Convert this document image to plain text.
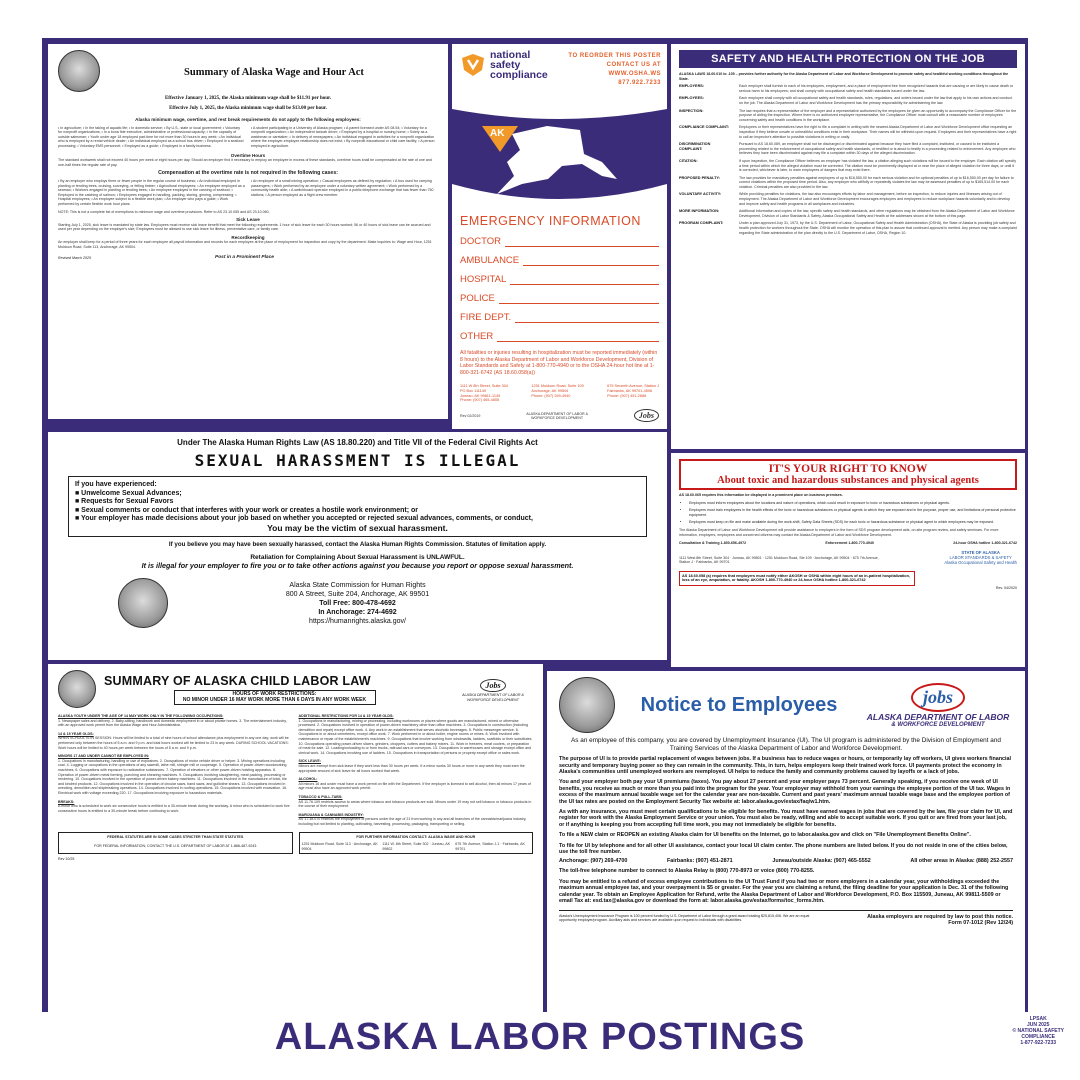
Summary of Alaska Wage and Hour Act
Effective January 1, 2025, the Alaska minimum wage shall be $11.91 per hour.
Effective July 1, 2025, the Alaska minimum wage shall be $13.00 per hour.
Alaska minimum wage, overtime, and rest break requirements do not apply to the following employees:
• In agriculture; • In the taking of aquatic life; • In domestic service; • By U.S., state or local government; • Voluntary for nonprofit organizations; • In a bona fide executive, administrative or professional capacity; • In the capacity of outside salesman; • Youth under age 18 employed part-time for not more than 30 hours in any week; • An individual who is employed by a rental vehicle dealer; • An individual employed as a school bus driver; • Employed in a seafood processing; • Voluntary EMS personnel; • Employed as a guide; • Employed in a family business.
• A student participating in a University of Alaska program; • A parent licensed under AS 08.54; • Voluntary for a nonprofit organization; • An independent taxicab driver; • Employed by a hospital or nursing home; • Solely as a watchman or caretaker; • In delivery of newspapers; • An individual engaged in activities for a nonprofit organization where the employer-employee relationship does not exist; • By nonprofit educational or child care facility; • A person employed in agriculture.
Overtime Hours
The standard workweek shall not exceed 40 hours per week or eight hours per day. Should an employer find it necessary to employ an employee in excess of these standards, overtime hours shall be compensated at the rate of one and one-half times the regular rate of pay.
Compensation at the overtime rate is not required in the following cases:
• By an employer who employs three or fewer people in the regular course of business; • An individual employed in planting or tending trees, cruising, surveying, or felling timber; • Agricultural employees; • An employee employed as a seaman; • Workers engaged in planting or tending trees; • An employee employed in the canning of seafood; • Employed in the catching of salmon; • Employees engaged in handling, packing, storing, ginning, compressing; • Hospital employees; • An employee subject to a flexible work plan; • An employer who pays a guide; • Work performed by certain flexible work hour plans.
• An employee of a small mining operation; • Casual employees as defined by regulation; • A bus used for carrying passengers; • Work performed by an employee under a voluntary written agreement; • Work performed by a community health aide; • A switchboard operator employed in a public telephone exchange that has fewer than 750 stations; • A person employed as a flight crew member.
NOTE: This is not a complete list of exemptions to minimum wage and overtime provisions. Refer to AS 23.10.055 and AS 23.10.060.
Sick Leave
Starting July 1, 2025, sick leave is mandated by state law. Employees must receive sick leave benefit that meet the following requirements: 1 hour of sick leave for each 30 hours worked; 56 or 40 hours of sick leave can be accrued and used per year depending on the employer's size; Employees must be allowed to use sick leave for illness, preventative care, or family care.
Recordkeeping
An employer shall keep for a period of three years for each employee all payroll information and records for each employee at the place of employment for inspection and copy by the department. Make inquiries to: Wage and Hour, 1251 Muldoon Road, Suite 113, Anchorage, AK 99504.
Revised March 2025	Post in a Prominent Place
national
safety
compliance
TO REORDER THIS POSTER
CONTACT US AT
WWW.OSHA.WS
877.922.7233
OSHA SAFETY TRAINING
AK
EMERGENCY INFORMATION
DOCTOR
AMBULANCE
HOSPITAL
POLICE
FIRE DEPT.
OTHER
All fatalities or injuries resulting in hospitalization must be reported immediately (within 8 hours) to the Alaska Department of Labor and Workforce Development, Division of Labor Standards and Safety at 1-800-770-4940 or to the OSHA 24-hour hot line at 1-800-321-6742 (AS 18.60.058(a))
1111 W 8th Street, Suite 304
PO Box 111149
Juneau, AK 99811-1149
Phone: (907) 465-4855
1251 Muldoon Road, Suite 109
Anchorage, AK 99504
Phone: (907) 269-4940
675 Seventh Avenue, Station J
Fairbanks, AK 99701-4596
Phone: (907) 451-2888
Rev 02/2019	ALASKA DEPARTMENT OF LABOR & WORKFORCE DEVELOPMENT	Jobs
SAFETY AND HEALTH PROTECTION ON THE JOB
ALASKA LAWS 18.60.010 to .105 – provides further authority for the Alaska Department of Labor and Workforce Development to promote safety and healthful working conditions throughout the State.
EMPLOYERS:	Each employer shall furnish to each of his employees, employment, and a place of employment free from recognized hazards that are causing or are likely to cause death or serious harm to his employees; and shall comply with occupational safety and health standards issued under the law.
EMPLOYEES:	Each employee shall comply with all occupational safety and health standards, rules, regulations, and orders issued under the law that apply to his own actions and conduct on the job. The Alaska Department of Labor and Workforce Development has the primary responsibility for administering the law.
INSPECTION:	The law requires that a representative of the employer and a representative authorized by the employees be given an opportunity to accompany the Compliance Officer for the purpose of aiding the inspection. Where there is no authorized employee representative, the Compliance Officer must consult with a reasonable number of employees concerning safety and health conditions in the workplace.
COMPLIANCE COMPLAINT:	Employees or their representatives have the right to file a complaint in writing with the nearest Alaska Department of Labor and Workforce Development office requesting an inspection if they believe unsafe or unhealthful conditions exist in their workplace. Their names will be withheld upon request. Employees and their representatives have a right to call an inspector's attention to possible violations in writing or orally.
DISCRIMINATION COMPLAINT:
Pursuant to AS 18.60.089, an employee shall not be discharged or discriminated against because they have filed a complaint, instituted, or caused to be instituted a proceeding related to the enforcement of occupational safety and health standards, or testified or is about to testify in a proceeding related to enforcement. Any employee who believes they have been discriminated against may file a complaint within 30 days of the alleged discrimination.
CITATION:	If upon inspection, the Compliance Officer believes an employer has violated the law, a citation alleging such violations will be issued to the employer. Each citation will specify a time period within which the alleged violation must be corrected. The citation must be prominently displayed at or near the place of alleged violation for three days, or until it is corrected, whichever is later, to warn employees of dangers that may exist there.
PROPOSED PENALTY:	The law provides for mandatory penalties against employers of up to $16,550.00 for each serious violation and for optional penalties of up to $16,550.00 per day for failure to correct violations within the proposed time period. Also, any employer who willfully or repeatedly violates the law may be assessed penalties of up to $165,514.00 for each violation. Criminal penalties are also provided in the law.
VOLUNTARY ACTIVITY:	While providing penalties for violations, the law also encourages efforts by labor and management, before an inspection, to reduce injuries and illnesses arising out of employment. The Alaska Department of Labor and Workforce Development encourages employers and employees to reduce workplace hazards voluntarily and to develop and improve safety and health programs in all workplaces and industries.
MORE INFORMATION:	Additional information and copies of the law, specific safety and health standards, and other regulations may be obtained from the Alaska Department of Labor and Workforce Development, Division of Labor Standards & Safety, Alaska Occupational Safety and Health at the addresses shown at the bottom of this page.
PROGRAM COMPLAINT:	Under a plan approved July 31, 1973, by the U.S. Department of Labor, Occupational Safety and Health Administration (OSHA), the State of Alaska is providing job safety and health protection for workers throughout the State. OSHA will monitor the operation of this plan to assure that continued approval is merited. Any person may make a complaint regarding the State administration of the plan directly to the U.S. Department of Labor, OSHA, Region 10.
Under The Alaska Human Rights Law (AS 18.80.220) and Title VII of the Federal Civil Rights Act
SEXUAL HARASSMENT IS ILLEGAL
If you have experienced:
■ Unwelcome Sexual Advances;
■ Requests for Sexual Favors
■ Sexual comments or conduct that interferes with your work or creates a hostile work environment; or
■ Your employer has made decisions about your job based on whether you accepted or rejected sexual advances, comments, or conduct,
You may be the victim of sexual harassment.
If you believe you may have been sexually harassed, contact the Alaska Human Rights Commission. Statutes of limitation apply.
Retaliation for Complaining About Sexual Harassment is UNLAWFUL.
It is illegal for your employer to fire you or to take other actions against you because you report or oppose sexual harassment.
Alaska State Commission for Human Rights
800 A Street, Suite 204, Anchorage, AK 99501
Toll Free: 800-478-4692
In Anchorage: 274-4692
https://humanrights.alaska.gov/
IT'S YOUR RIGHT TO KNOW
About toxic and hazardous substances and physical agents
AS 18.60.065 requires this information be displayed in a prominent place on business premises.
• Employers must inform employees about the locations and nature of operations, which could result in exposure to toxic or hazardous substances or physical agents.
• Employers must train employees in the health effects of the toxic or hazardous substances or physical agents to which they are exposed and in the purpose, proper use, and limitations of personal protective equipment.
• Employers must keep on file and make available during the work-shift, Safety Data Sheets (SDS) for each toxic or hazardous substance or physical agent to which employees may be exposed.
The Alaska Department of Labor and Workforce Development will provide assistance to employers in the form of SDS program development aids, on-site program review, and safety seminars. For more information, employers, employees and concerned citizens may contact the Alaska Department of Labor and Workforce Development.
Consultation & Training 1-800-656-4972	Enforcement 1-800-770-4940	24-hour OSHA hotline 1-800-321-6742
1111 West 8th Street, Suite 304 · Juneau, AK 99801 · 1251 Muldoon Road, Ste 109 · Anchorage, AK 99504 · 675 7th Avenue, Station J · Fairbanks, AK 99701
STATE OF ALASKA
LABOR STANDARDS & SAFETY
Alaska Occupational Safety and Health
AS 18.60.058 (a) requires that employers must notify either AKOSH or OSHA within eight hours of an in-patient hospitalization, loss of an eye, amputation, or fatality. AKOSH 1-800-770-4940 or 24-hour OSHA hotline 1-800-321-6742
Rev. 04/2020
SUMMARY OF ALASKA CHILD LABOR LAW
HOURS OF WORK RESTRICTIONS:
NO MINOR UNDER 16 MAY WORK MORE THAN 6 DAYS IN ANY WORK WEEK
Jobs
ALASKA DEPARTMENT OF LABOR & WORKFORCE DEVELOPMENT
ALASKA YOUTH UNDER THE AGE OF 14 MAY WORK ONLY IN THE FOLLOWING OCCUPATIONS:
1. Newspaper sales and delivery. 2. Baby-sitting, handiwork and domestic employment in or about private homes. 3. The entertainment industry, with an approved work permit from the Alaska Wage and Hour Administration.
14 & 15 YEAR OLDS:
WHEN SCHOOL IS IN SESSION: Hours will be limited to a total of nine hours of school attendance plus employment in any one day; work will be performed only between the hours of 5 a.m. and 9 p.m. and total hours worked will be limited to 23 in any week. DURING SCHOOL VACATIONS: Work hours will be limited to 40 hours per week between the hours of 5 a.m. and 9 p.m.
MINORS 17 AND UNDER CANNOT BE EMPLOYED IN:
1. Occupations in manufacturing, handling or use of explosives. 2. Occupations of motor vehicle driver or helper. 3. Mining operations including coal. 4. Logging or occupations in the operations of any sawmill, lathe mill, shingle mill or cooperage. 5. Operation of power-driven woodworking machines. 6. Occupations with exposure to radioactive substances. 7. Operation of elevators or other power-driven hoisting apparatus. 8. Operation of power-driven metal forming, punching and shearing machines. 9. Occupations involving slaughtering, meat packing, processing or rendering. 10. Occupations involved in the operation of power-driven bakery machines. 11. Occupations involved in the manufacture of brick, tile and kindred products. 12. Occupations involved in the operation of circular saws, band saws, and guillotine shears. 13. Occupations involved in wrecking, demolition and shipbreaking operations. 14. Occupations involved in roofing operations. 15. Occupations involved with excavation. 16. Electrical work with voltage exceeding 220. 17. Occupations involving exposure to hazardous materials.
BREAKS:
A minor who is scheduled to work six consecutive hours is entitled to a 30-minute break during the workday. A minor who is scheduled to work five consecutive hours is entitled to a 30-minute break before continuing to work.
ADDITIONAL RESTRICTIONS FOR 14 & 15 YEAR OLDS:
1. Occupations in manufacturing, mining or processing, including workrooms or places where goods are manufactured, mined or otherwise processed. 2. Occupations involved in operation of power-driven machinery other than office machines. 3. Occupations in construction (including demolition and repair) except office work. 4. Any work in an establishment that serves alcoholic beverages. 5. Public messenger service. 6. Occupations in or about cemeteries, except office work. 7. Work performed in or about boiler, engine rooms or mines. 8. Work involved with maintenance or repair of the establishment's machines. 9. Occupations that involve working from windowsills, ladders, scaffolds or their substitutes. 10. Occupations operating power-driven slicers, grinders, choppers, cutters and bakery mixers. 11. Work in freezers, meat coolers, or preparation of meat for sale. 12. Loading/unloading to or from trucks, railroad cars or conveyors. 13. Occupations in warehouses and storage except office and clerical work. 14. Occupations involving use of ladders. 15. Occupations in transportation of persons or property except office or sales work.
SICK LEAVE:
Minors are exempt from sick leave if they work less than 30 hours per week. If a minor works 30 hours or more in any week they must earn the appropriate amount of sick leave for all hours worked that week.
ALCOHOL:
All minors 16 and under must have a work permit on file with the Department. If the employer is licensed to sell alcohol, then all minors 17 years of age must also have an approved work permit.
TOBACCO & PULL-TABS:
AS 11.76.109 restricts access to areas where tobacco and tobacco products are sold. Minors under 19 may not sell tobacco or tobacco products in the course of their employment.
MARIJUANA & CANNABIS INDUSTRY:
AS 17.38.070 restricts the employment of persons under the age of 21 from working in any and all branches of the cannabis/marijuana industry, including but not limited to planting, cultivating, harvesting, processing, packaging, transporting or selling.
FEDERAL STATUTES ARE IN SOME CASES STRICTER THAN STATE STATUTES
FOR FEDERAL INFORMATION, CONTACT THE U.S. DEPARTMENT OF LABOR AT 1-866-487-9243
FOR FURTHER INFORMATION CONTACT: ALASKA WAGE AND HOUR
1251 Muldoon Road, Suite 113 · Anchorage, AK 99504
1111 W. 8th Street, Suite 302 · Juneau, AK 99802
675 7th Avenue, Station J-1 · Fairbanks, AK 99701
Rev 10/25
Notice to Employees	jobs
ALASKA DEPARTMENT OF LABOR
& WORKFORCE DEVELOPMENT
As an employee of this company, you are covered by Unemployment Insurance (UI). The UI program is administered by the Division of Employment and Training Services of the Alaska Department of Labor and Workforce Development.
The purpose of UI is to provide partial replacement of wages between jobs. If a business has to reduce wages or hours, or temporarily lay off workers, UI gives workers financial security and temporary buying power so they can remain in the community. This, in turn, helps employers keep their trained work force. UI payments protect the economy in Alaska's communities until unemployed workers are reemployed. UI helps to reduce the family and community problems caused by layoffs or a lack of jobs.
You and your employer both pay your UI premiums (taxes). You pay about 27 percent and your employer pays 73 percent. Generally speaking, if you receive one week of UI benefits, you receive as much or more than you paid into the program for the year. Your employer may withhold from your earnings the employee portion of the UI tax. Wages in excess of the maximum annual taxable wage set for the calendar year are non-taxable. Current and past years' maximum annual taxable wage base and the employee portion of the UI tax rates are posted on the Employment Security Tax website at: labor.alaska.gov/estax/faq/w1.htm.
As with any insurance, you must meet certain qualifications to be eligible for benefits. You must have earned wages in jobs that are covered by the law, file your claim for UI, and register for work with the Alaska Employment Service or your union. You must also be ready, willing and able to accept suitable work. If you quit or are fired from your last job, or if anything is keeping you from accepting full time work, you may not immediately be eligible for benefits.
To file a NEW claim or REOPEN an existing Alaska claim for UI benefits on the Internet, go to labor.alaska.gov and click on "File Unemployment Benefits Online".
To file for UI by telephone and for all other UI assistance, contact your local UI claim center. The phone numbers are listed below. If you do not reside in one of the cities below, use the toll free number.
Anchorage: (907) 269-4700	Fairbanks: (907) 451-2871	Juneau/outside Alaska: (907) 465-5552	All other areas in Alaska: (888) 252-2557
The toll-free telephone number to connect to Alaska Relay is (800) 770-8973 or voice (800) 770-8255.
You may be entitled to a refund of excess employee contributions to the UI Trust Fund if you had two or more employers in a calendar year, your withholdings exceeded the maximum annual employee tax, and your overpayment is $5 or greater. For the year you are claiming a refund, the filing deadline for your application is Dec. 31 of the following calendar year. To obtain an Employee Application for Refund, write the Alaska Department of Labor and Workforce Development, P.O. Box 115509, Juneau, AK 99811-5509 or email Tax at: esd.tax@alaska.gov or download the form at: labor.alaska.gov/estax/forms/toc_forms.htm.
Alaska's Unemployment Insurance Program is 100 percent funded by U.S. Department of Labor through a grant award totaling $25,815,406. We are an equal opportunity employer/program. Auxiliary aids and services are available upon request to individuals with disabilities.
Alaska employers are required by law to post this notice.
Form 07-1012 (Rev 12/24)
ALASKA LABOR POSTINGS	LPSAK
JUN 2025
© NATIONAL SAFETY
COMPLIANCE
1-877-922-7233
